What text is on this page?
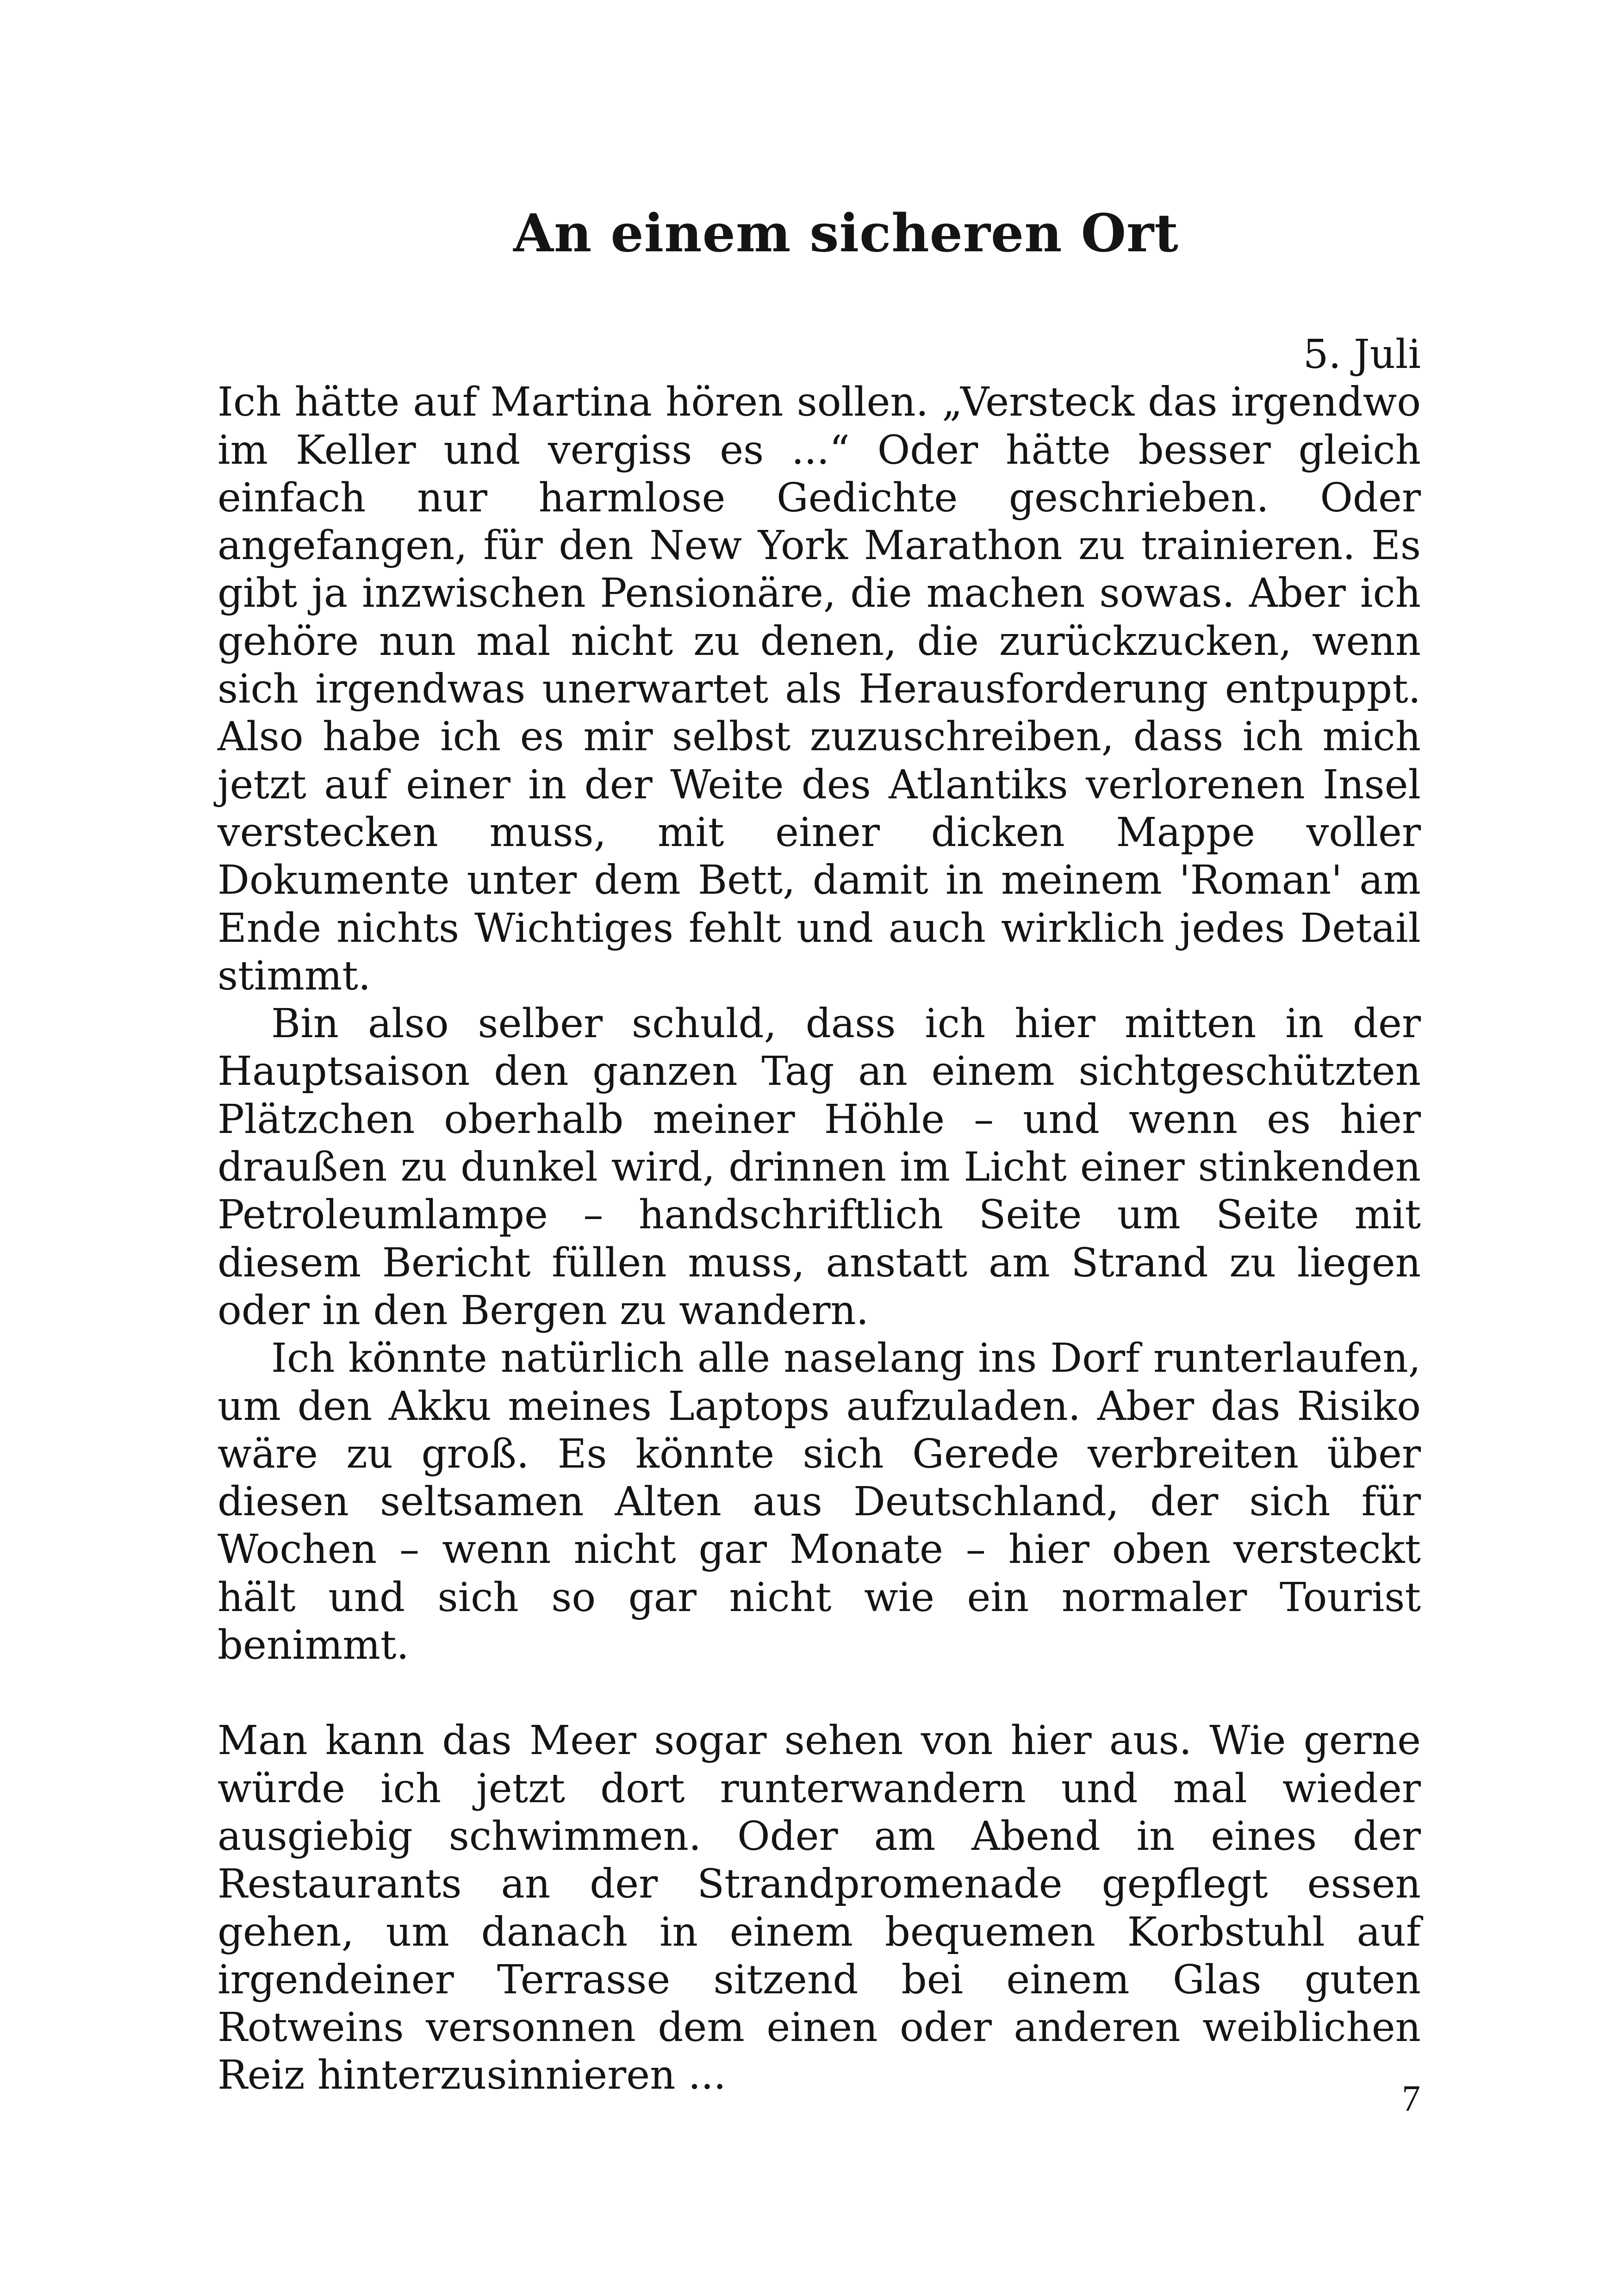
An einem sicheren Ort

5. Juli

Ich hätte auf Martina hören sollen. „Versteck das irgendwo im Keller und vergiss es ...“ Oder hätte besser gleich einfach nur harmlose Gedichte geschrieben. Oder angefangen, für den New York Marathon zu trainieren. Es gibt ja inzwischen Pensionäre, die machen sowas. Aber ich gehöre nun mal nicht zu denen, die zurückzucken, wenn sich irgendwas unerwartet als Herausforderung entpuppt. Also habe ich es mir selbst zuzuschreiben, dass ich mich jetzt auf einer in der Weite des Atlantiks verlorenen Insel verstecken muss, mit einer dicken Mappe voller Dokumente unter dem Bett, damit in meinem 'Roman' am Ende nichts Wichtiges fehlt und auch wirklich jedes Detail stimmt.

Bin also selber schuld, dass ich hier mitten in der Hauptsaison den ganzen Tag an einem sichtgeschützten Plätzchen oberhalb meiner Höhle – und wenn es hier draußen zu dunkel wird, drinnen im Licht einer stinkenden Petroleumlampe – handschriftlich Seite um Seite mit diesem Bericht füllen muss, anstatt am Strand zu liegen oder in den Bergen zu wandern.

Ich könnte natürlich alle naselang ins Dorf runterlaufen, um den Akku meines Laptops aufzuladen. Aber das Risiko wäre zu groß. Es könnte sich Gerede verbreiten über diesen seltsamen Alten aus Deutschland, der sich für Wochen – wenn nicht gar Monate – hier oben versteckt hält und sich so gar nicht wie ein normaler Tourist benimmt.

Man kann das Meer sogar sehen von hier aus. Wie gerne würde ich jetzt dort runterwandern und mal wieder ausgiebig schwimmen. Oder am Abend in eines der Restaurants an der Strandpromenade gepflegt essen gehen, um danach in einem bequemen Korbstuhl auf irgendeiner Terrasse sitzend bei einem Glas guten Rotweins versonnen dem einen oder anderen weiblichen Reiz hinterzusinnieren ...

7
